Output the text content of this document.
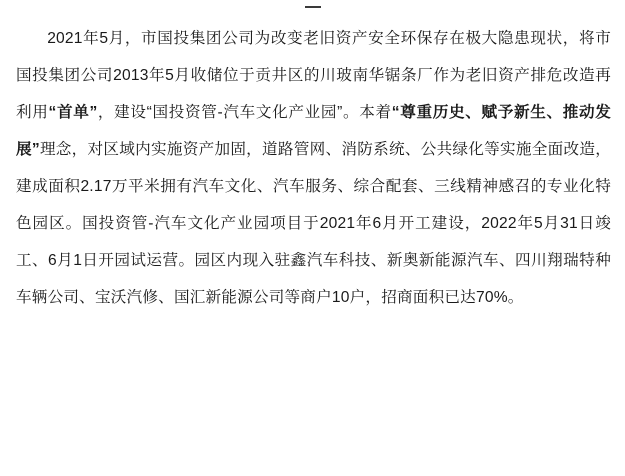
2021年5月，市国投集团公司为改变老旧资产安全环保存在极大隐患现状，将市国投集团公司2013年5月收储位于贡井区的川玻南华锯条厂作为老旧资产排危改造再利用“首单”，建设“国投资管-汽车文化产业园”。本着“尊重历史、赋予新生、推动发展”理念，对区域内实施资产加固，道路管网、消防系统、公共绿化等实施全面改造，建成面积2.17万平米拥有汽车文化、汽车服务、综合配套、三线精神感召的专业化特色园区。国投资管-汽车文化产业园项目于2021年6月开工建设，2022年5月31日竣工、6月1日开园试运营。园区内现入驻鑫汽车科技、新奥新能源汽车、四川翔瑞特种车辆公司、宝沃汽修、国汇新能源公司等商户10户，招商面积已达70%。
